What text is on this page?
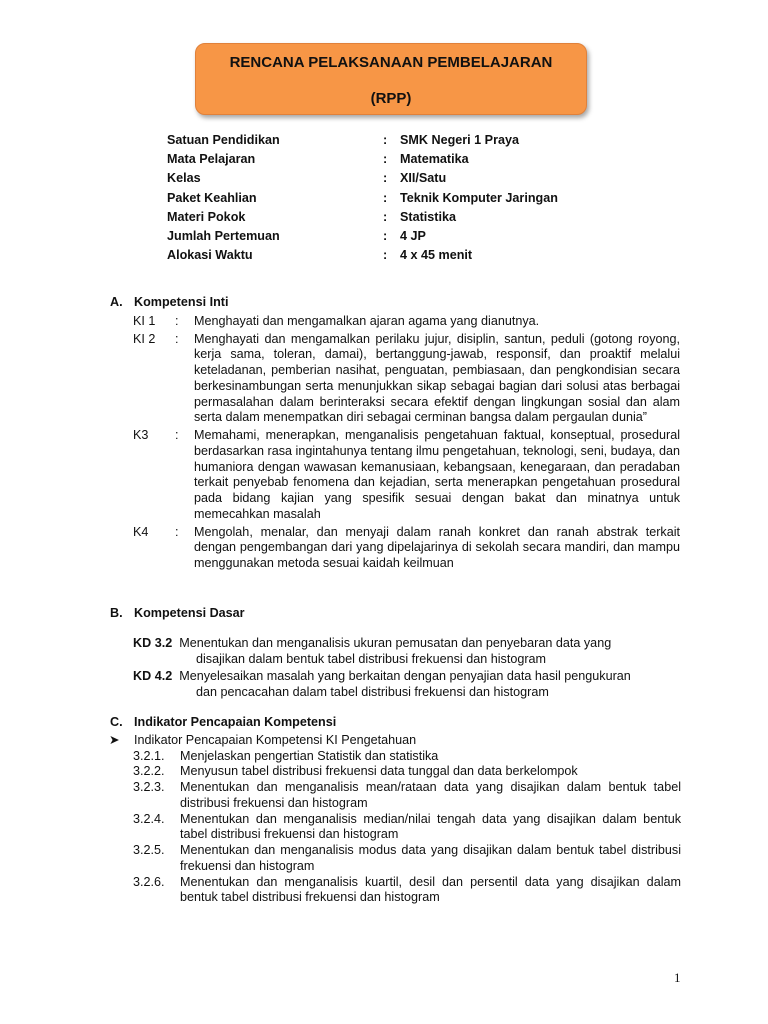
RENCANA PELAKSANAAN PEMBELAJARAN
(RPP)
Satuan Pendidikan	: SMK Negeri 1 Praya
Mata Pelajaran	: Matematika
Kelas	: XII/Satu
Paket Keahlian	: Teknik Komputer Jaringan
Materi Pokok	: Statistika
Jumlah Pertemuan	: 4 JP
Alokasi Waktu	: 4 x 45 menit
A. Kompetensi Inti
KI 1 : Menghayati dan mengamalkan ajaran agama yang dianutnya.
KI 2 : Menghayati dan mengamalkan perilaku jujur, disiplin, santun, peduli (gotong royong, kerja sama, toleran, damai), bertanggung-jawab, responsif, dan proaktif melalui keteladanan, pemberian nasihat, penguatan, pembiasaan, dan pengkondisian secara berkesinambungan serta menunjukkan sikap sebagai bagian dari solusi atas berbagai permasalahan dalam berinteraksi secara efektif dengan lingkungan sosial dan alam serta dalam menempatkan diri sebagai cerminan bangsa dalam pergaulan dunia”
K3 : Memahami, menerapkan, menganalisis pengetahuan faktual, konseptual, prosedural berdasarkan rasa ingintahunya tentang ilmu pengetahuan, teknologi, seni, budaya, dan humaniora dengan wawasan kemanusiaan, kebangsaan, kenegaraan, dan peradaban terkait penyebab fenomena dan kejadian, serta menerapkan pengetahuan prosedural pada bidang kajian yang spesifik sesuai dengan bakat dan minatnya untuk memecahkan masalah
K4 : Mengolah, menalar, dan menyaji dalam ranah konkret dan ranah abstrak terkait dengan pengembangan dari yang dipelajarinya di sekolah secara mandiri, dan mampu menggunakan metoda sesuai kaidah keilmuan
B. Kompetensi Dasar
KD 3.2 Menentukan dan menganalisis ukuran pemusatan dan penyebaran data yang
disajikan dalam bentuk tabel distribusi frekuensi dan histogram
KD 4.2 Menyelesaikan masalah yang berkaitan dengan penyajian data hasil pengukuran
dan pencacahan dalam tabel distribusi frekuensi dan histogram
C. Indikator Pencapaian Kompetensi
➤ Indikator Pencapaian Kompetensi KI Pengetahuan
3.2.1. Menjelaskan pengertian Statistik dan statistika
3.2.2. Menyusun tabel distribusi frekuensi data tunggal dan data berkelompok
3.2.3. Menentukan dan menganalisis mean/rataan data yang disajikan dalam bentuk tabel distribusi frekuensi dan histogram
3.2.4. Menentukan dan menganalisis median/nilai tengah data yang disajikan dalam bentuk tabel distribusi frekuensi dan histogram
3.2.5. Menentukan dan menganalisis modus data yang disajikan dalam bentuk tabel distribusi frekuensi dan histogram
3.2.6. Menentukan dan menganalisis kuartil, desil dan persentil data yang disajikan dalam bentuk tabel distribusi frekuensi dan histogram
1
